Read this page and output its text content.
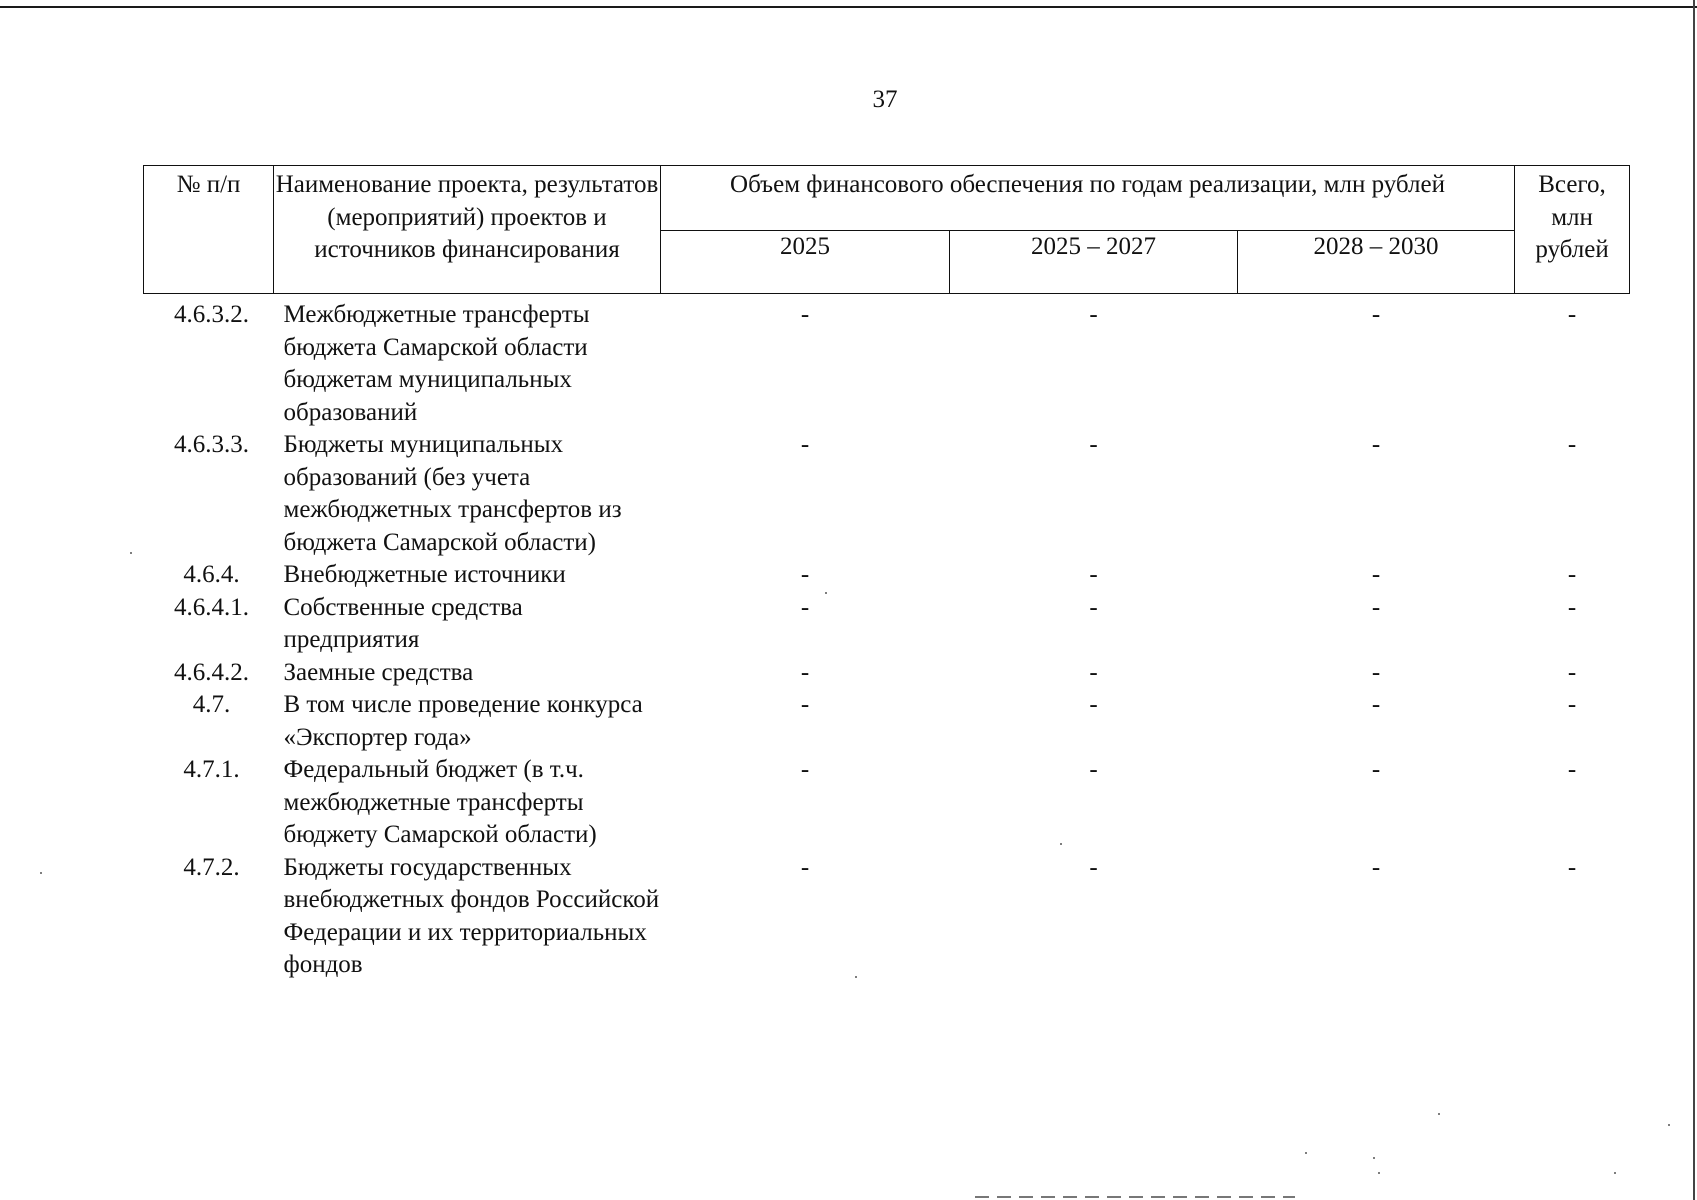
37
№ п/п	Наименование проекта, результатов (мероприятий) проектов и источников финансирования	Объем финансового обеспечения по годам реализации, млн рублей			Всего, млн рублей
		2025	2025 – 2027	2028 – 2030	
4.6.3.2.	Межбюджетные трансферты бюджета Самарской области бюджетам муниципальных образований	-	-	-	-
4.6.3.3.	Бюджеты муниципальных образований (без учета межбюджетных трансфертов из бюджета Самарской области)	-	-	-	-
4.6.4.	Внебюджетные источники	-	-	-	-
4.6.4.1.	Собственные средства предприятия	-	-	-	-
4.6.4.2.	Заемные средства	-	-	-	-
4.7.	В том числе проведение конкурса «Экспортер года»	-	-	-	-
4.7.1.	Федеральный бюджет (в т.ч. межбюджетные трансферты бюджету Самарской области)	-	-	-	-
4.7.2.	Бюджеты государственных внебюджетных фондов Российской Федерации и их территориальных фондов	-	-	-	-
